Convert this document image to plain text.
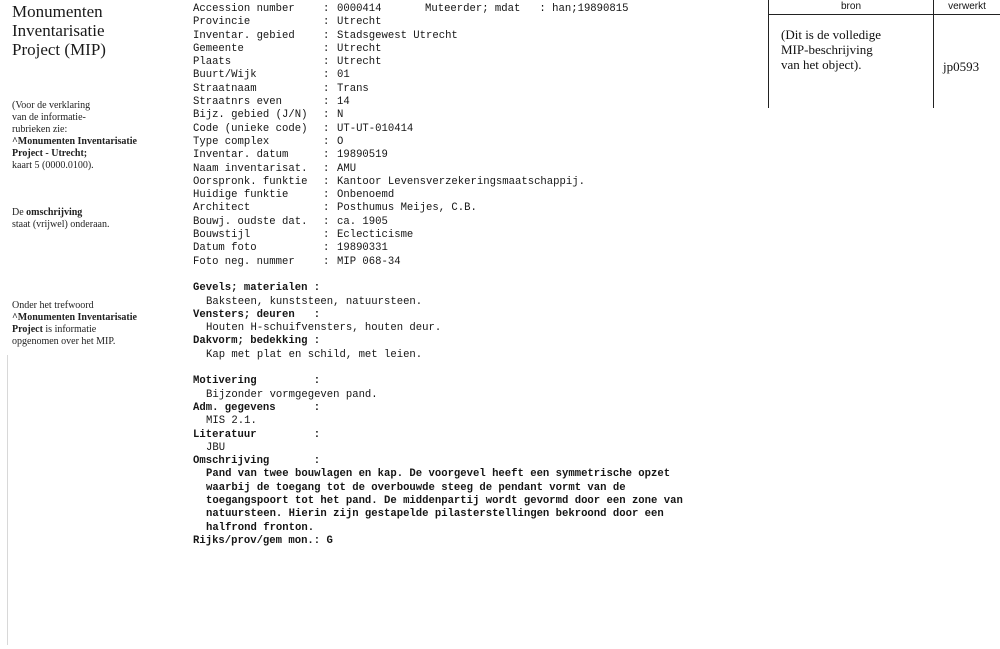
Monumenten
Inventarisatie
Project (MIP)
(Voor de verklaring
van de informatie-
rubrieken zie:
^Monumenten Inventarisatie
Project - Utrecht;
kaart 5 (0000.0100).
De omschrijving
staat (vrijwel) onderaan.
Onder het trefwoord
^Monumenten Inventarisatie
Project is informatie
opgenomen over het MIP.
Muteerder; mdat   : han;19890815
Accession number	: 0000414
Provincie	: Utrecht
Inventar. gebied	: Stadsgewest Utrecht
Gemeente	: Utrecht
Plaats	: Utrecht
Buurt/Wijk	: 01
Straatnaam	: Trans
Straatnrs even	: 14
Bijz. gebied (J/N) : N
Code (unieke code) : UT-UT-010414
Type complex	: O
Inventar. datum	: 19890519
Naam inventarisat. : AMU
Oorspronk. funktie : Kantoor Levensverzekeringsmaatschappij.
Huidige funktie	: Onbenoemd
Architect	: Posthumus Meijes, C.B.
Bouwj. oudste dat. : ca. 1905
Bouwstijl	: Eclecticisme
Datum foto	: 19890331
Foto neg. nummer	: MIP 068-34
Gevels; materialen :
Baksteen, kunststeen, natuursteen.
Vensters; deuren   :
Houten H-schuifvensters, houten deur.
Dakvorm; bedekking :
Kap met plat en schild, met leien.
Motivering         :
Bijzonder vormgegeven pand.
Adm. gegevens      :
MIS 2.1.
Literatuur         :
JBU
Omschrijving       :
Pand van twee bouwlagen en kap. De voorgevel heeft een symmetrische opzet
waarbij de toegang tot de overbouwde steeg de pendant vormt van de
toegangspoort tot het pand. De middenpartij wordt gevormd door een zone van
natuursteen. Hierin zijn gestapelde pilasterstellingen bekroond door een
halfrond fronton.
Rijks/prov/gem mon.: G
bron	verwerkt
(Dit is de volledige
MIP-beschrijving
van het object).	jp0593
